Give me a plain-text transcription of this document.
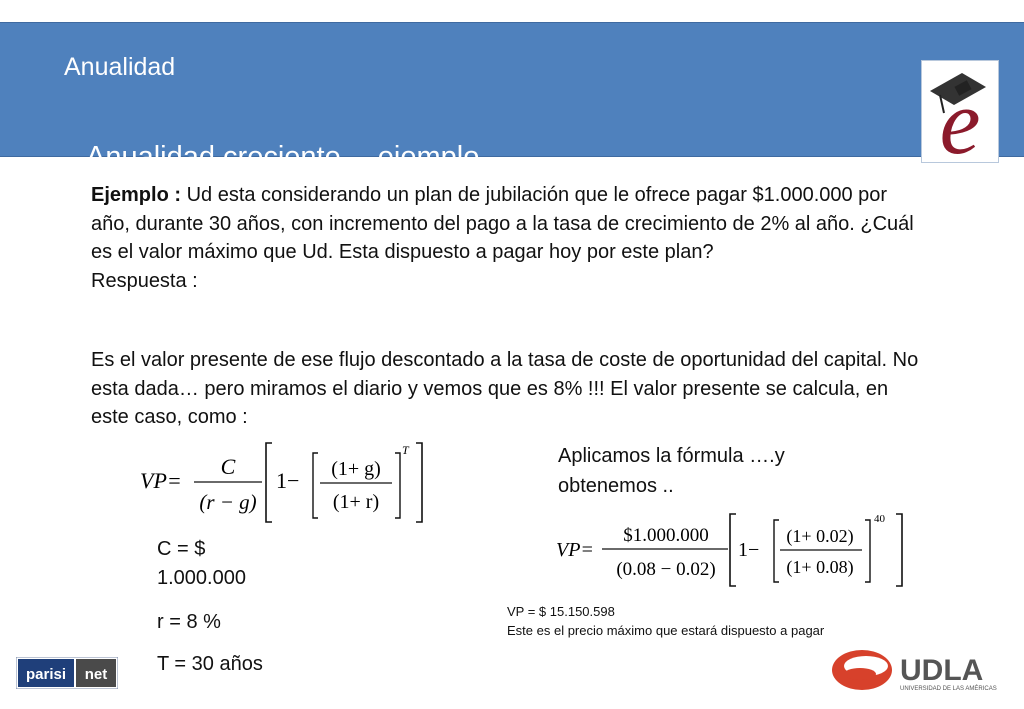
Anualidad
Anualidad creciente… ejemplo	e
Ejemplo : Ud esta considerando un plan de jubilación que le ofrece pagar $1.000.000 por año, durante 30 años, con incremento del pago a la tasa de crecimiento de 2% al año. ¿Cuál es el valor máximo que Ud. Esta dispuesto a pagar hoy por este plan?
Respuesta :
Es el valor presente de ese flujo descontado a la tasa de coste de oportunidad del capital. No esta dada… pero miramos el diario y vemos que es 8% !!! El valor presente se calcula, en este caso, como :
VP=
C
(r − g)
1− (1+ g)
(1+ r)
T
C = $
1.000.000
r = 8 %
T = 30 años
Aplicamos la fórmula ….y
obtenemos ..
VP=
$1.000.000
(0.08 − 0.02)
1−
(1+ 0.02)
(1+ 0.08)
40
VP = $ 15.150.598
Este es el precio máximo que estará dispuesto a pagar
parisi net	UDLA
UNIVERSIDAD DE LAS AMÉRICAS
